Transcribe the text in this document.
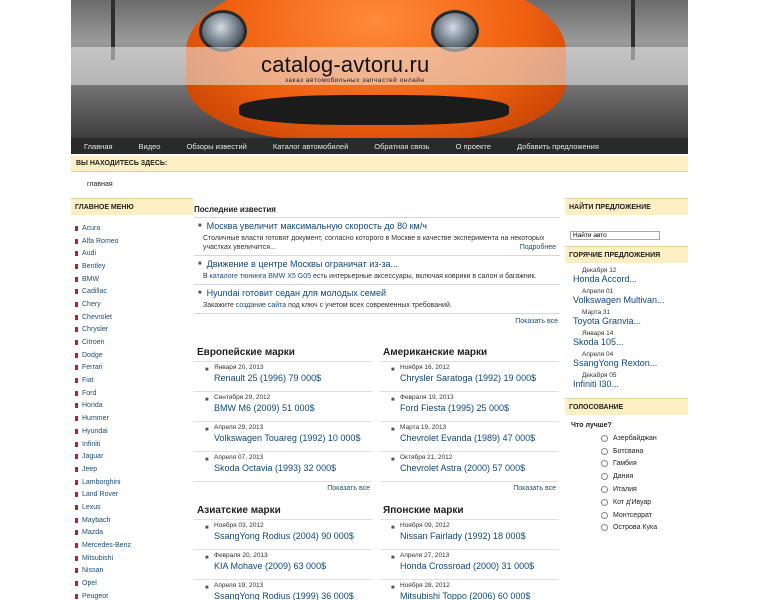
catalog-avtoru.ru
заказ автомобильных запчастей онлайн
Главная	Видео	Обзоры известий	Каталог автомобилей	Обратная связь	О проекте	Добавить предложения
ВЫ НАХОДИТЕСЬ ЗДЕСЬ:
главная
ГЛАВНОЕ МЕНЮ
Acura
Alfa Romeo
Audi
Bentley
BMW
Cadillac
Chery
Chevrolet
Chrysler
Citroen
Dodge
Ferrari
Fiat
Ford
Honda
Hummer
Hyundai
Infiniti
Jaguar
Jeep
Lamborghini
Land Rover
Lexus
Maybach
Mazda
Mercedes-Benz
Mitsubishi
Nissan
Opel
Peugeot
Последние известия
■ Москва увеличит максимальную скорость до 80 км/ч
Столичные власти готовят документ, согласно которого в Москве в качестве эксперимента на некоторых участках увеличится...	Подробнее
■ Движение в центре Москвы ограничат из-за...
В каталоге тюнинга BMW X5 G05 есть интерьерные аксессуары, включая коврики в салон и багажник.
■ Hyundai готовит седан для молодых семей
Закажите создание сайта под ключ с учетом всех современных требований.
Показать все
Европейские марки
■ Января 20, 2013
Renault 25 (1996) 79 000$
■ Сентября 29, 2012
BMW M6 (2009) 51 000$
■ Апреля 29, 2013
Volkswagen Touareg (1992) 10 000$
■ Апреля 07, 2013
Skoda Octavia (1993) 32 000$
Показать все
Американские марки
■ Ноября 16, 2012
Chrysler Saratoga (1992) 19 000$
■ Февраля 19, 2013
Ford Fiesta (1995) 25 000$
■ Марта 19, 2013
Chevrolet Evanda (1989) 47 000$
■ Октября 21, 2012
Chevrolet Astra (2000) 57 000$
Показать все
Азиатские марки
■ Ноября 03, 2012
SsangYong Rodius (2004) 90 000$
■ Февраля 20, 2013
KIA Mohave (2009) 63 000$
■ Апреля 19, 2013
SsangYong Rodius (1999) 36 000$
Японские марки
■ Ноября 09, 2012
Nissan Fairlady (1992) 18 000$
■ Апреля 27, 2013
Honda Crossroad (2000) 31 000$
■ Ноября 28, 2012
Mitsubishi Toppo (2006) 60 000$
НАЙТИ ПРЕДЛОЖЕНИЕ
Найти авто
ГОРЯЧИЕ ПРЕДЛОЖЕНИЯ
Декабря 12
Honda Accord...
Апреля 01
Volkswagen Multivan...
Марта 31
Toyota Granvia...
Января 14
Skoda 105...
Апреля 04
SsangYong Rexton...
Декабря 05
Infiniti I30...
ГОЛОСОВАНИЕ
Что лучше?
Азербайджан
Ботсвана
Гамбия
Дания
Италия
Кот д'Ивуар
Монтсеррат
Острова Кука
